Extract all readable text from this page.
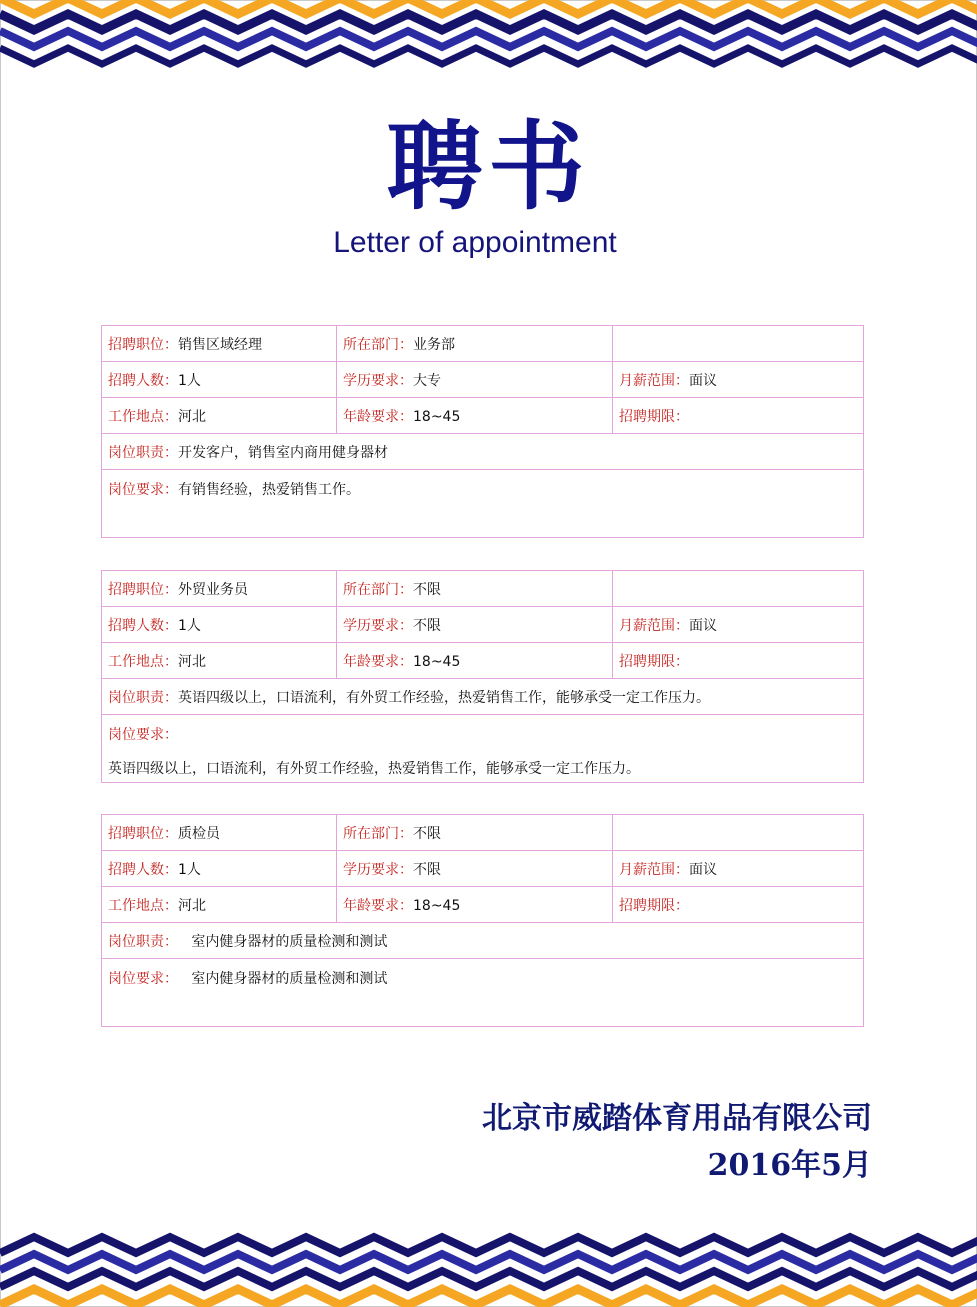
聘书
Letter of appointment
招聘职位：销售区域经理	所在部门：业务部	
招聘人数：1人	学历要求：大专	月薪范围：面议
工作地点：河北	年龄要求：18~45	招聘期限：
岗位职责：开发客户，销售室内商用健身器材		
岗位要求：有销售经验，热爱销售工作。		
招聘职位：外贸业务员	所在部门：不限	
招聘人数：1人	学历要求：不限	月薪范围：面议
工作地点：河北	年龄要求：18~45	招聘期限：
岗位职责：英语四级以上，口语流利，有外贸工作经验，热爱销售工作，能够承受一定工作压力。		
岗位要求：
英语四级以上，口语流利，有外贸工作经验，热爱销售工作，能够承受一定工作压力。		
招聘职位：质检员	所在部门：不限	
招聘人数：1人	学历要求：不限	月薪范围：面议
工作地点：河北	年龄要求：18~45	招聘期限：
岗位职责： 室内健身器材的质量检测和测试		
岗位要求： 室内健身器材的质量检测和测试		
北京市威踏体育用品有限公司
2016年5月
